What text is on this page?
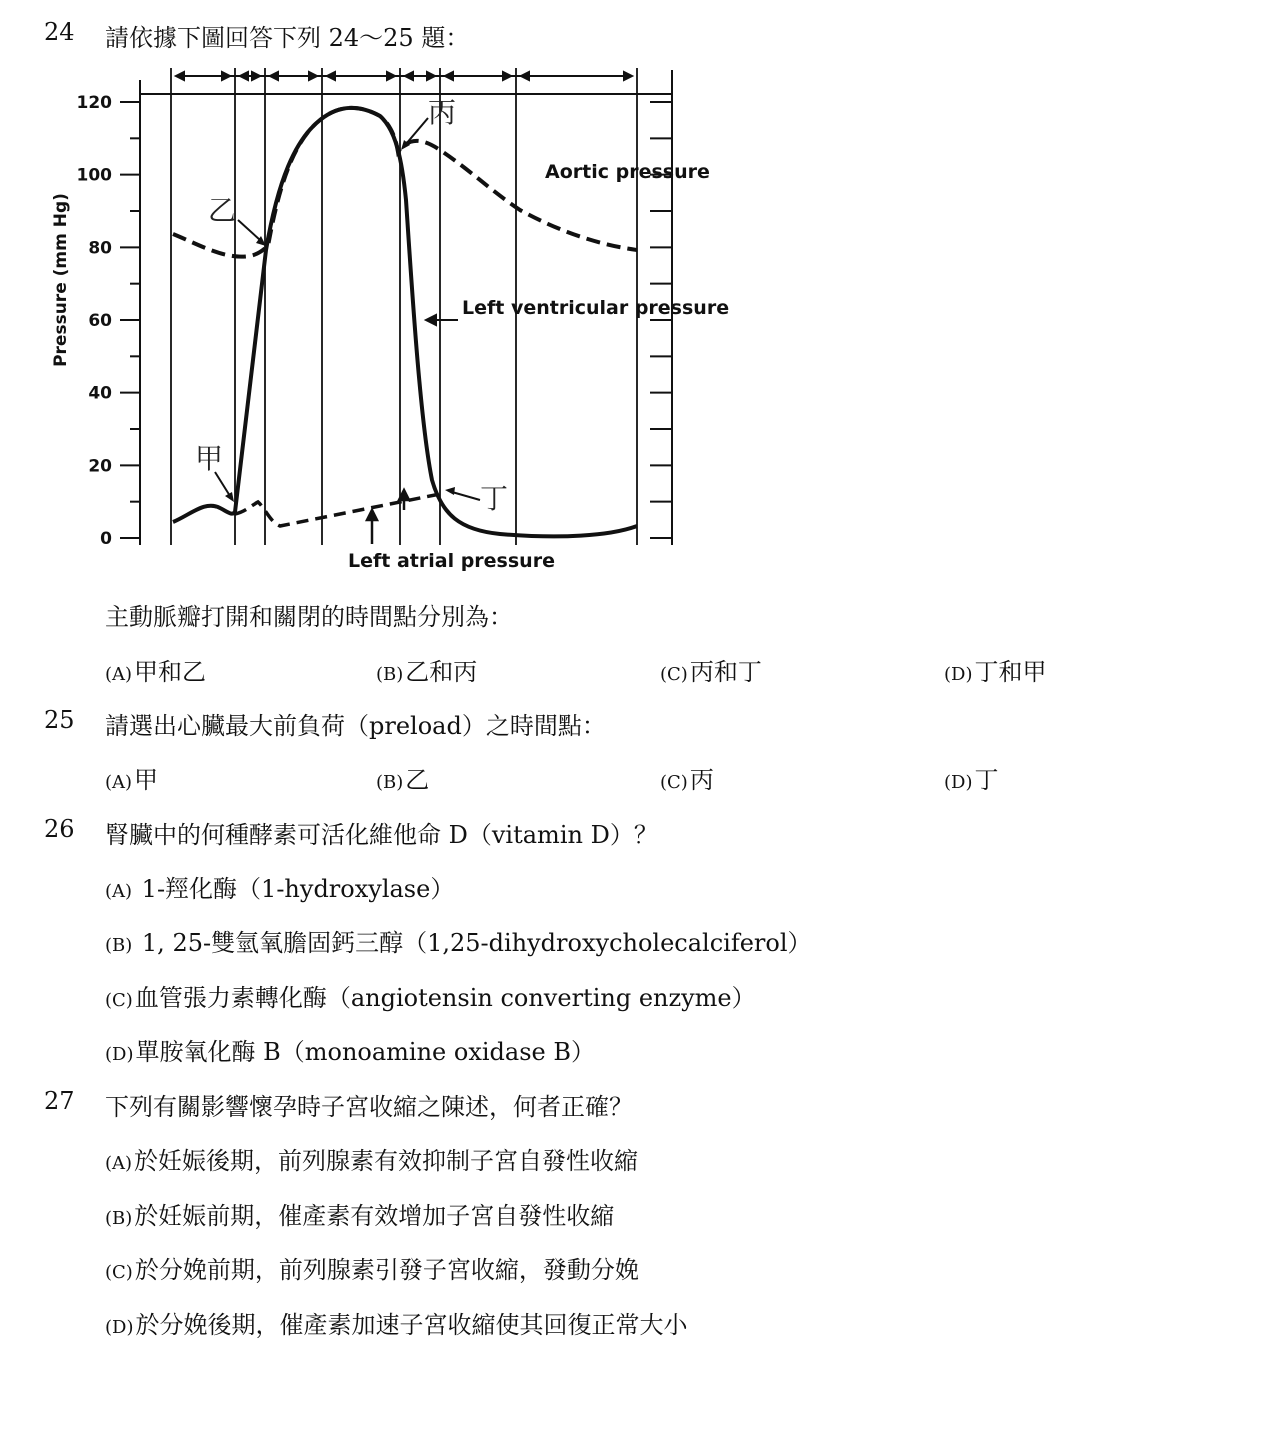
24 請依據下圖回答下列 24～25 題：
Pressure (mm Hg)
0
20
40
60
80
100
120
Aortic pressure
Left ventricular pressure
Left atrial pressure
甲
乙
丙
丁
主動脈瓣打開和關閉的時間點分別為：
(A)甲和乙	(B)乙和丙	(C)丙和丁	(D)丁和甲
25 請選出心臟最大前負荷（preload）之時間點：
(A)甲	(B)乙	(C)丙	(D)丁
26 腎臟中的何種酵素可活化維他命 D（vitamin D）？
(A) 1-羥化酶（1-hydroxylase）
(B) 1, 25-雙氫氧膽固鈣三醇（1,25-dihydroxycholecalciferol）
(C)血管張力素轉化酶（angiotensin converting enzyme）
(D)單胺氧化酶 B（monoamine oxidase B）
27 下列有關影響懷孕時子宮收縮之陳述，何者正確？
(A)於妊娠後期，前列腺素有效抑制子宮自發性收縮
(B)於妊娠前期，催產素有效增加子宮自發性收縮
(C)於分娩前期，前列腺素引發子宮收縮，發動分娩
(D)於分娩後期，催產素加速子宮收縮使其回復正常大小
